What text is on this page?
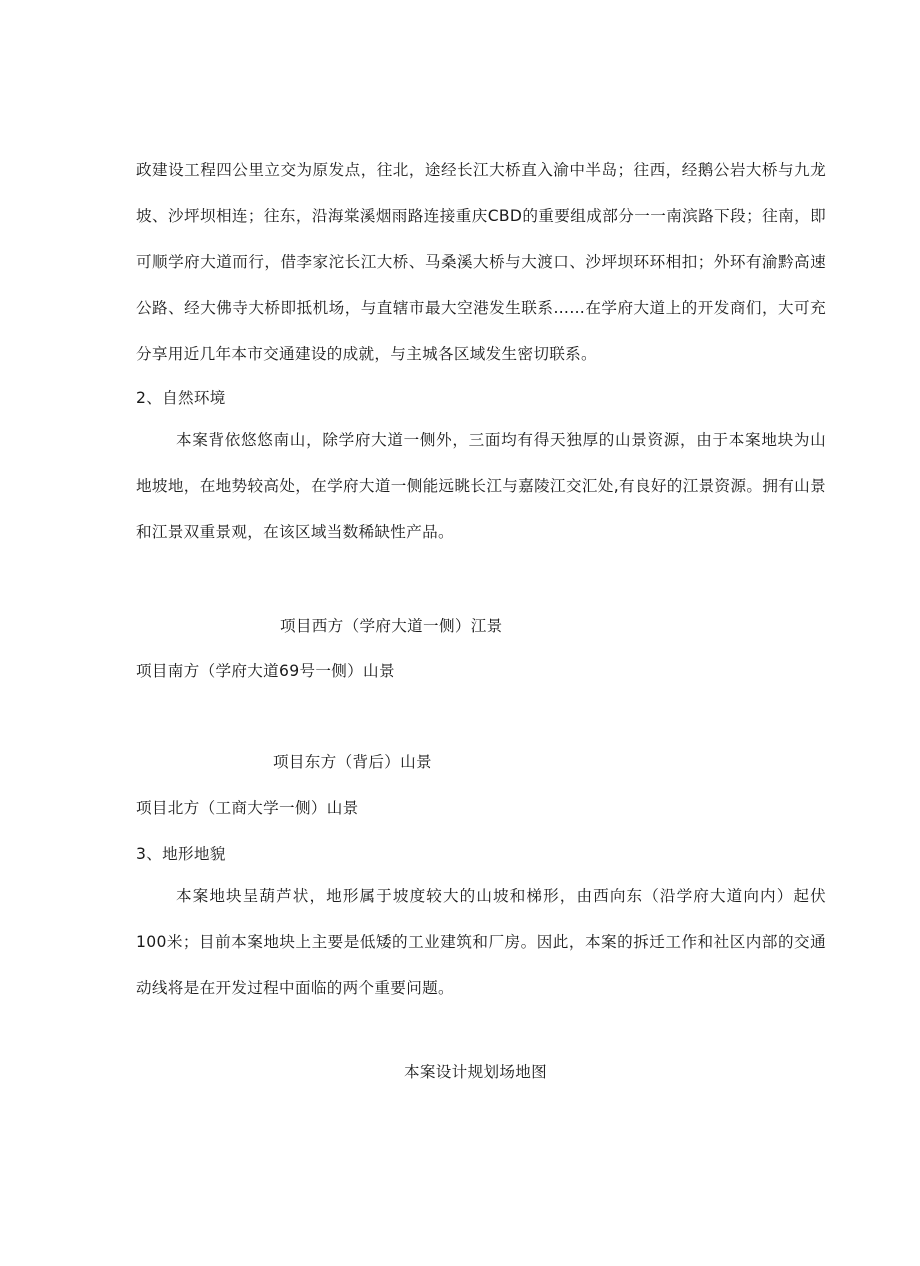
政建设工程四公里立交为原发点，往北，途经长江大桥直入渝中半岛；往西，经鹅公岩大桥与九龙坡、沙坪坝相连；往东，沿海棠溪烟雨路连接重庆CBD的重要组成部分一一南滨路下段；往南，即可顺学府大道而行，借李家沱长江大桥、马桑溪大桥与大渡口、沙坪坝环环相扣；外环有渝黔高速公路、经大佛寺大桥即抵机场，与直辖市最大空港发生联系……在学府大道上的开发商们，大可充分享用近几年本市交通建设的成就，与主城各区域发生密切联系。

2、自然环境

本案背依悠悠南山，除学府大道一侧外，三面均有得天独厚的山景资源，由于本案地块为山地坡地，在地势较高处，在学府大道一侧能远眺长江与嘉陵江交汇处,有良好的江景资源。拥有山景和江景双重景观，在该区域当数稀缺性产品。

项目西方（学府大道一侧）江景

项目南方（学府大道69号一侧）山景

项目东方（背后）山景

项目北方（工商大学一侧）山景

3、地形地貌

本案地块呈葫芦状，地形属于坡度较大的山坡和梯形，由西向东（沿学府大道向内）起伏100米；目前本案地块上主要是低矮的工业建筑和厂房。因此，本案的拆迁工作和社区内部的交通动线将是在开发过程中面临的两个重要问题。

本案设计规划场地图
